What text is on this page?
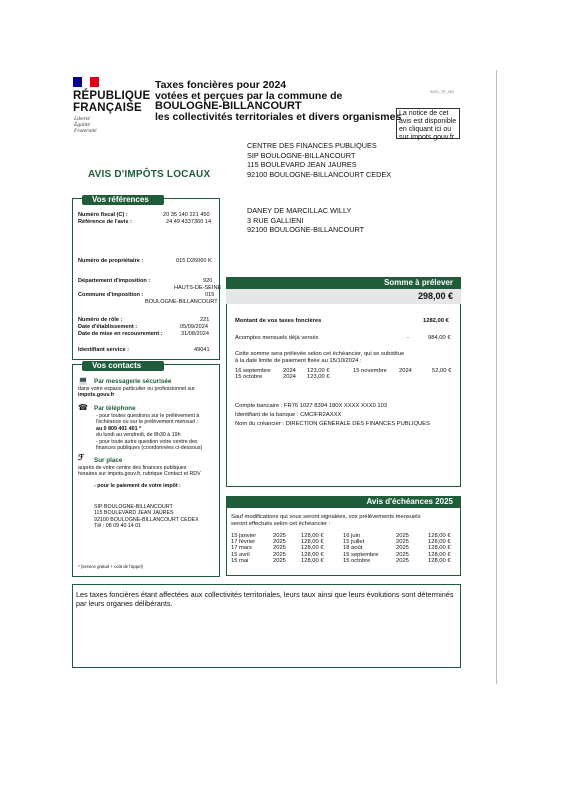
RÉPUBLIQUE
FRANÇAISE
Liberté
Égalité
Fraternité
Taxes foncières pour 2024
votées et perçues par la commune de
BOULOGNE-BILLANCOURT
les collectivités territoriales et divers organismes
AVIS_TF_NG
La notice de cet
avis est disponible
en cliquant ici ou
sur impots.gouv.fr
CENTRE DES FINANCES PUBLIQUES
SIP BOULOGNE-BILLANCOURT
115 BOULEVARD JEAN JAURES
92100 BOULOGNE-BILLANCOURT CEDEX
AVIS D'IMPÔTS LOCAUX
DANEY DE MARCILLAC WILLY
3 RUE GALLIENI
92100 BOULOGNE-BILLANCOURT
Vos références
Numéro fiscal (C) :	20 35 140 221 450
Référence de l'avis :	24 49 4337360 14
Numéro de propriétaire :	015 D26060 K
Département d'imposition :	920
HAUTS-DE-SEINE
Commune d'imposition :	015
BOULOGNE-BILLANCOURT
Numéro de rôle :	221
Date d'établissement :	05/09/2024
Date de mise en recouvrement :	31/08/2024
Identifiant service :	49041
Vos contacts
💻 Par messagerie sécurisée
dans votre espace particulier ou professionnel sur
impots.gouv.fr
☎ Par téléphone
- pour toutes questions sur le prélèvement à
l'échéance ou sur le prélèvement mensuel :
au 0 809 401 401 *
du lundi au vendredi, de 8h30 à 19h
- pour toute autre question votre centre des
finances publiques (coordonnées ci-dessous)
ℱ Sur place
auprès de votre centre des finances publiques
horaires sur impots.gouv.fr, rubrique Contact et RDV
- pour le paiement de votre impôt :
SIP BOULOGNE-BILLANCOURT
115 BOULEVARD JEAN JAURES
92100 BOULOGNE-BILLANCOURT CEDEX
Tél : 08 09 40 14 01
* (service gratuit + coût de l'appel)
Somme à prélever
298,00 €
Montant de vos taxes foncières	1282,00 €
Acomptes mensuels déjà versés	-	984,00 €
Cette somme sera prélevée selon cet échéancier, qui se substitue
à la date limite de paiement fixée au 15/10/2024 :
16 septembre 2024 123,00 €	15 novembre 2024	52,00 €
15 octobre	2024 123,00 €
Compte bancaire : FR76 1027 8394 180X XXXX XXX0 103
Identifiant de la banque : CMCIFR2AXXX
Nom du créancier : DIRECTION GÉNÉRALE DES FINANCES PUBLIQUES
Avis d'échéances 2025
Sauf modifications qui vous seront signalées, vos prélèvements mensuels
seront effectués selon cet échéancier :
15 janvier	2025	128,00 €	16 juin	2025	128,00 €
17 février	2025	128,00 €	15 juillet	2025	128,00 €
17 mars	2025	128,00 €	18 août	2025	128,00 €
15 avril	2025	128,00 €	15 septembre	2025	128,00 €
15 mai	2025	128,00 €	15 octobre	2025	128,00 €
Les taxes foncières étant affectées aux collectivités territoriales, leurs taux ainsi que leurs évolutions sont déterminés par leurs organes délibérants.
